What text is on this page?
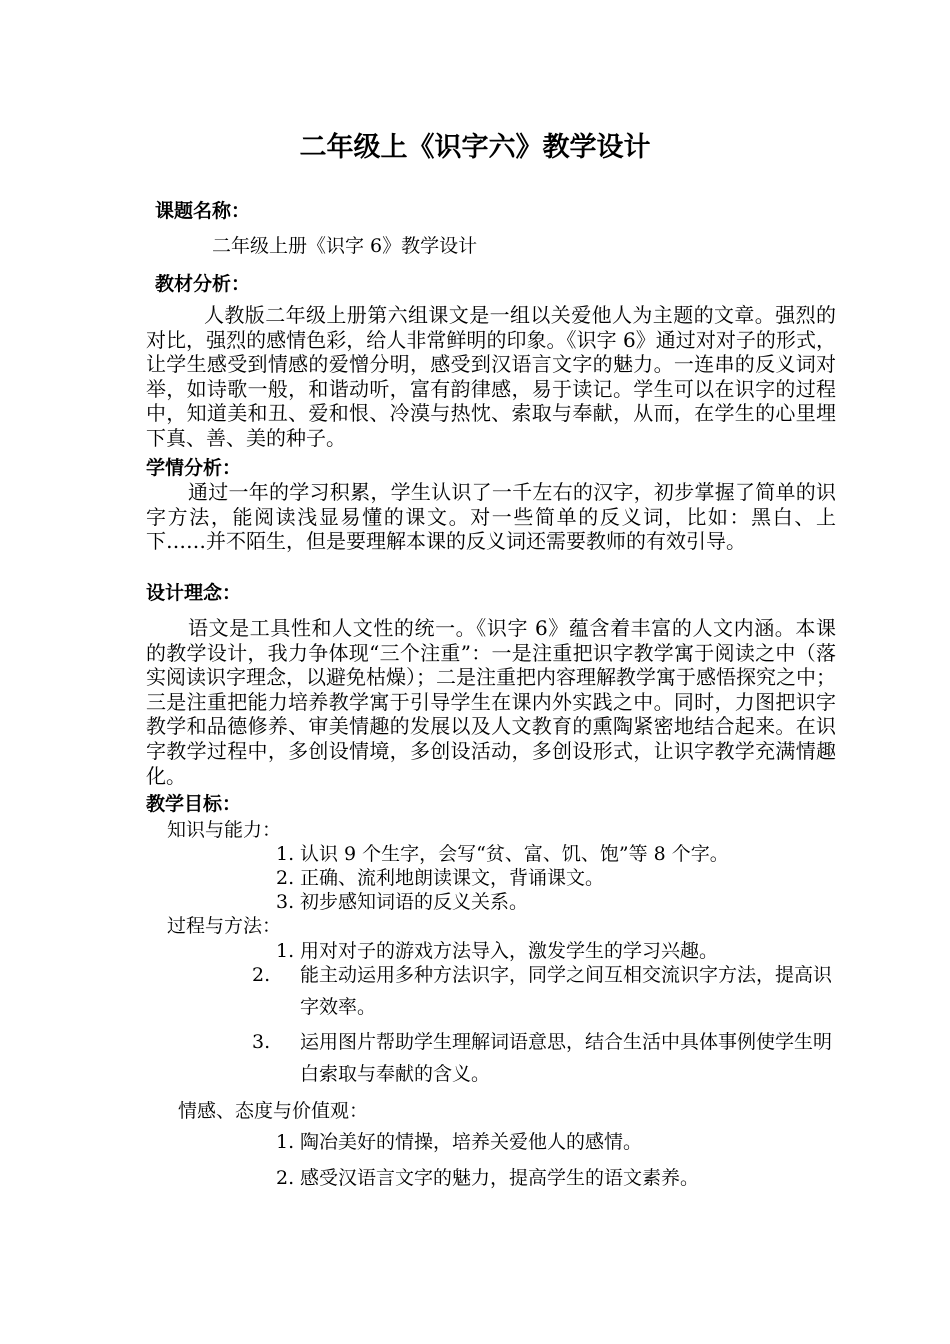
二年级上《识字六》教学设计
课题名称：
二年级上册《识字 6》教学设计
教材分析：
人教版二年级上册第六组课文是一组以关爱他人为主题的文章。强烈的对比，强烈的感情色彩，给人非常鲜明的印象。《识字 6》通过对对子的形式，让学生感受到情感的爱憎分明，感受到汉语言文字的魅力。一连串的反义词对举，如诗歌一般，和谐动听，富有韵律感，易于读记。学生可以在识字的过程中，知道美和丑、爱和恨、冷漠与热忱、索取与奉献，从而，在学生的心里埋下真、善、美的种子。
学情分析：
通过一年的学习积累，学生认识了一千左右的汉字，初步掌握了简单的识字方法，能阅读浅显易懂的课文。对一些简单的反义词，比如：黑白、上下……并不陌生，但是要理解本课的反义词还需要教师的有效引导。
设计理念：
语文是工具性和人文性的统一。《识字 6》蕴含着丰富的人文内涵。本课的教学设计，我力争体现“三个注重”：一是注重把识字教学寓于阅读之中（落实阅读识字理念，以避免枯燥）；二是注重把内容理解教学寓于感悟探究之中；三是注重把能力培养教学寓于引导学生在课内外实践之中。同时，力图把识字教学和品德修养、审美情趣的发展以及人文教育的熏陶紧密地结合起来。在识字教学过程中，多创设情境，多创设活动，多创设形式，让识字教学充满情趣化。
教学目标：
知识与能力：
1. 认识 9 个生字，会写“贫、富、饥、饱”等 8 个字。
2. 正确、流利地朗读课文，背诵课文。
3. 初步感知词语的反义关系。
过程与方法：
1. 用对对子的游戏方法导入，激发学生的学习兴趣。
2. 能主动运用多种方法识字，同学之间互相交流识字方法，提高识字效率。
3. 运用图片帮助学生理解词语意思，结合生活中具体事例使学生明白索取与奉献的含义。
情感、态度与价值观：
1. 陶冶美好的情操，培养关爱他人的感情。
2. 感受汉语言文字的魅力，提高学生的语文素养。
